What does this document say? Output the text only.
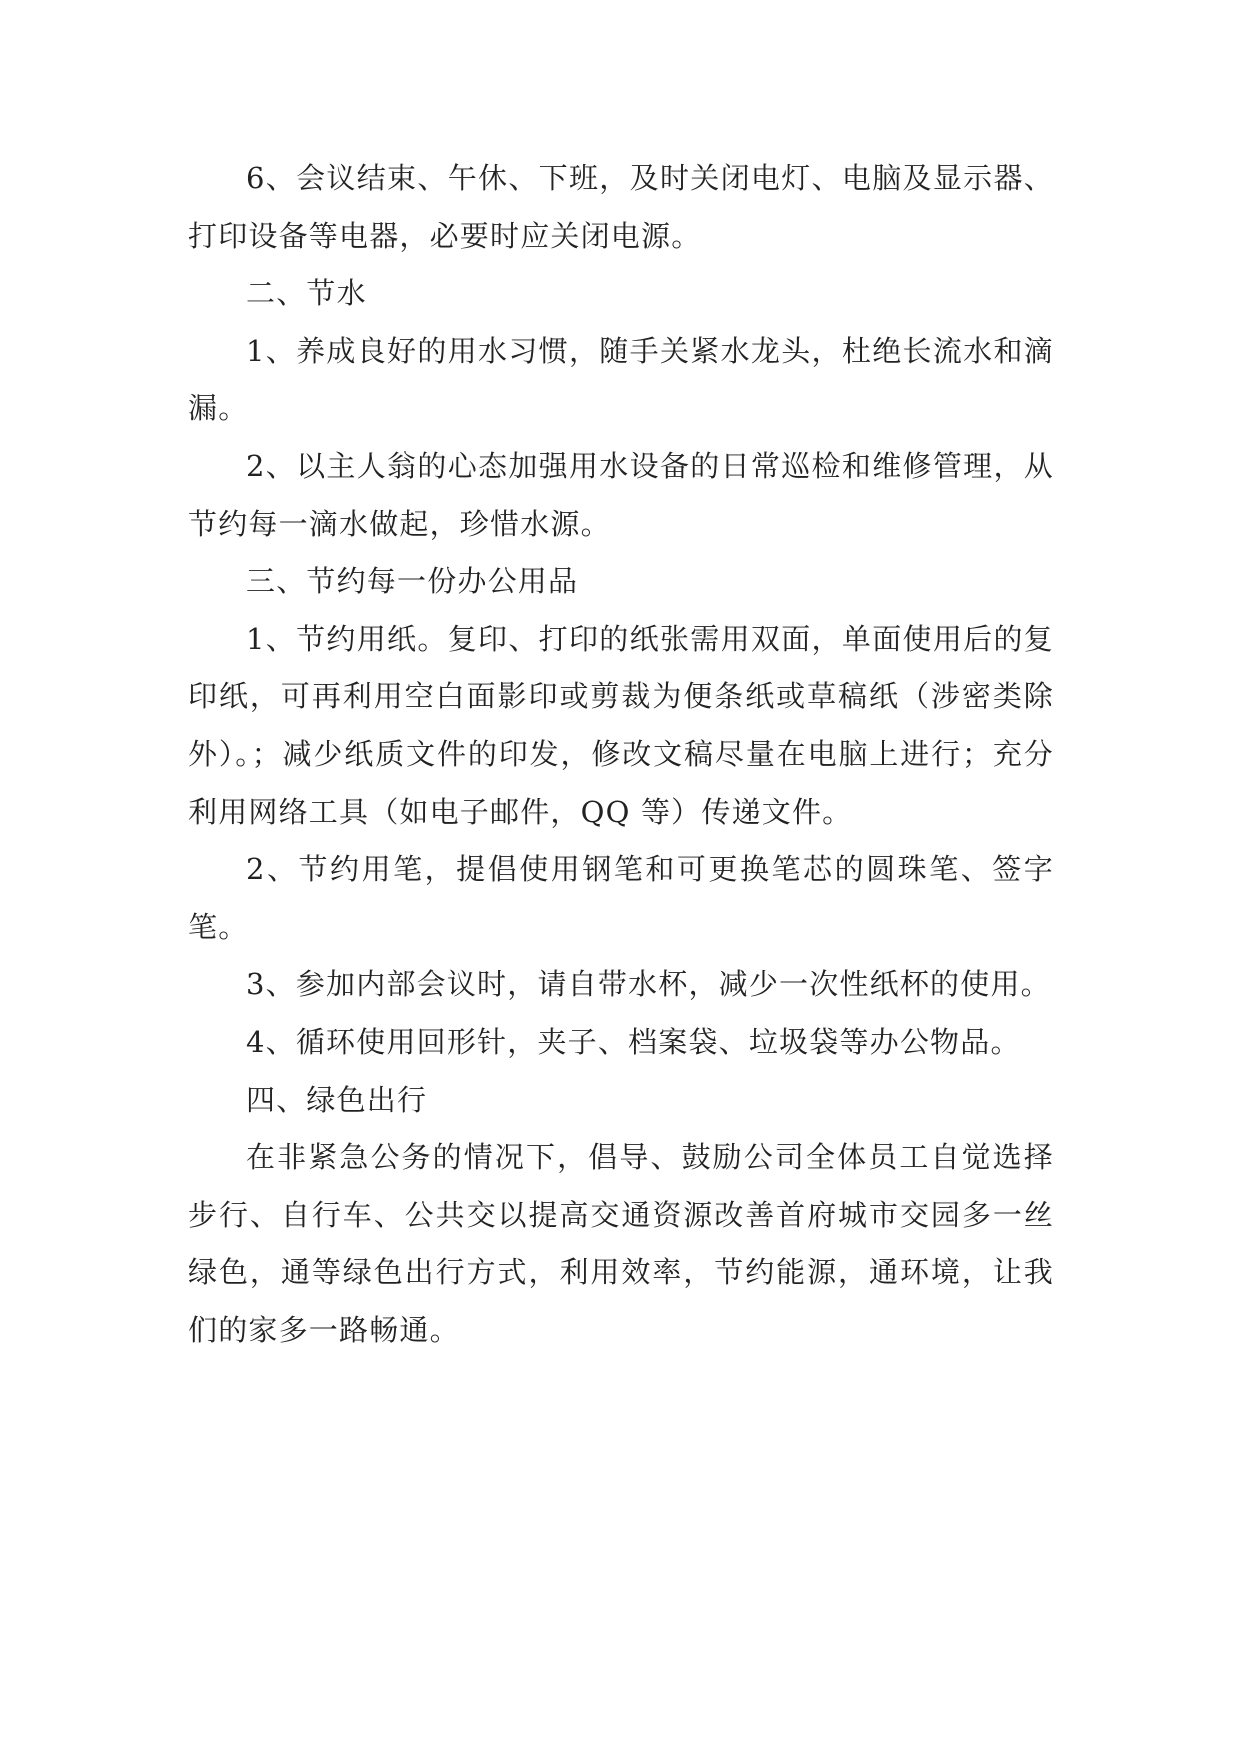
6、会议结束、午休、下班，及时关闭电灯、电脑及显示器、打印设备等电器，必要时应关闭电源。

二、节水

1、养成良好的用水习惯，随手关紧水龙头，杜绝长流水和滴漏。

2、以主人翁的心态加强用水设备的日常巡检和维修管理，从节约每一滴水做起，珍惜水源。

三、节约每一份办公用品

1、节约用纸。复印、打印的纸张需用双面，单面使用后的复印纸，可再利用空白面影印或剪裁为便条纸或草稿纸（涉密类除外）。；减少纸质文件的印发，修改文稿尽量在电脑上进行；充分利用网络工具（如电子邮件，QQ 等）传递文件。

2、节约用笔，提倡使用钢笔和可更换笔芯的圆珠笔、签字笔。

3、参加内部会议时，请自带水杯，减少一次性纸杯的使用。

4、循环使用回形针，夹子、档案袋、垃圾袋等办公物品。

四、绿色出行

在非紧急公务的情况下，倡导、鼓励公司全体员工自觉选择步行、自行车、公共交以提高交通资源改善首府城市交园多一丝绿色，通等绿色出行方式，利用效率，节约能源，通环境，让我们的家多一路畅通。
